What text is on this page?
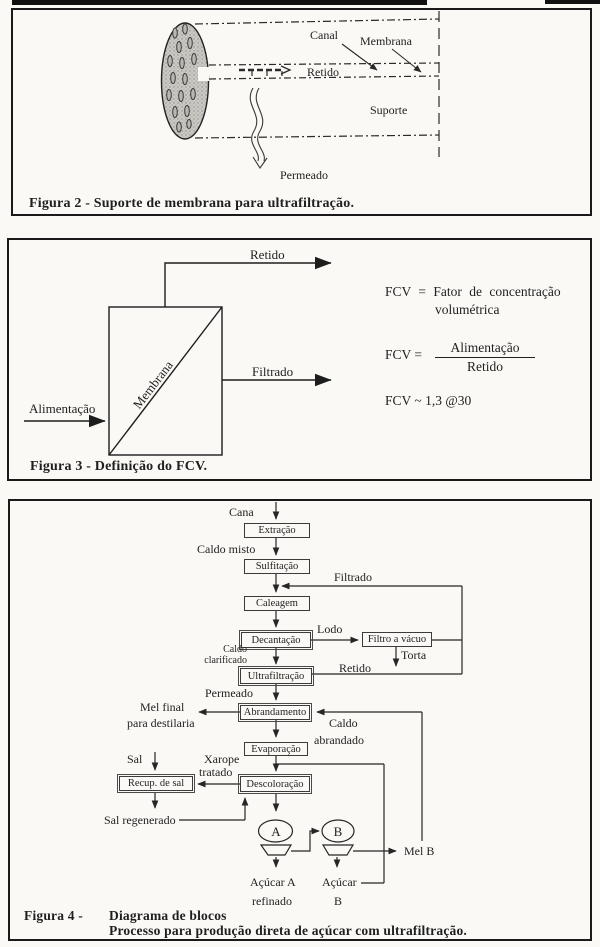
Canal Membrana
Retido
Suporte
Permeado
Figura 2 - Suporte de membrana para ultrafiltração.
Retido
Filtrado
Alimentação	Membrana
FCV = Fator de concentração
volumétrica
FCV =	Alimentação
Retido
FCV ~ 1,3 @30
Figura 3 - Definição do FCV.
Extração
Sulfitação
Caleagem
Decantação	Filtro a vácuo
Ultrafiltração
Abrandamento
Evaporação
Descoloração
Recup. de sal
A	B
Cana
Caldo misto
Filtrado
Lodo
Caldo
clarificado
Retido
Torta
Permeado
Mel final
para destilaria	Caldo
abrandado
Sal	Xarope
tratado
Sal regenerado
Mel B
Açúcar A
refinado
Açúcar
B
Figura 4 - Diagrama de blocos
Processo para produção direta de açúcar com ultrafiltração.
